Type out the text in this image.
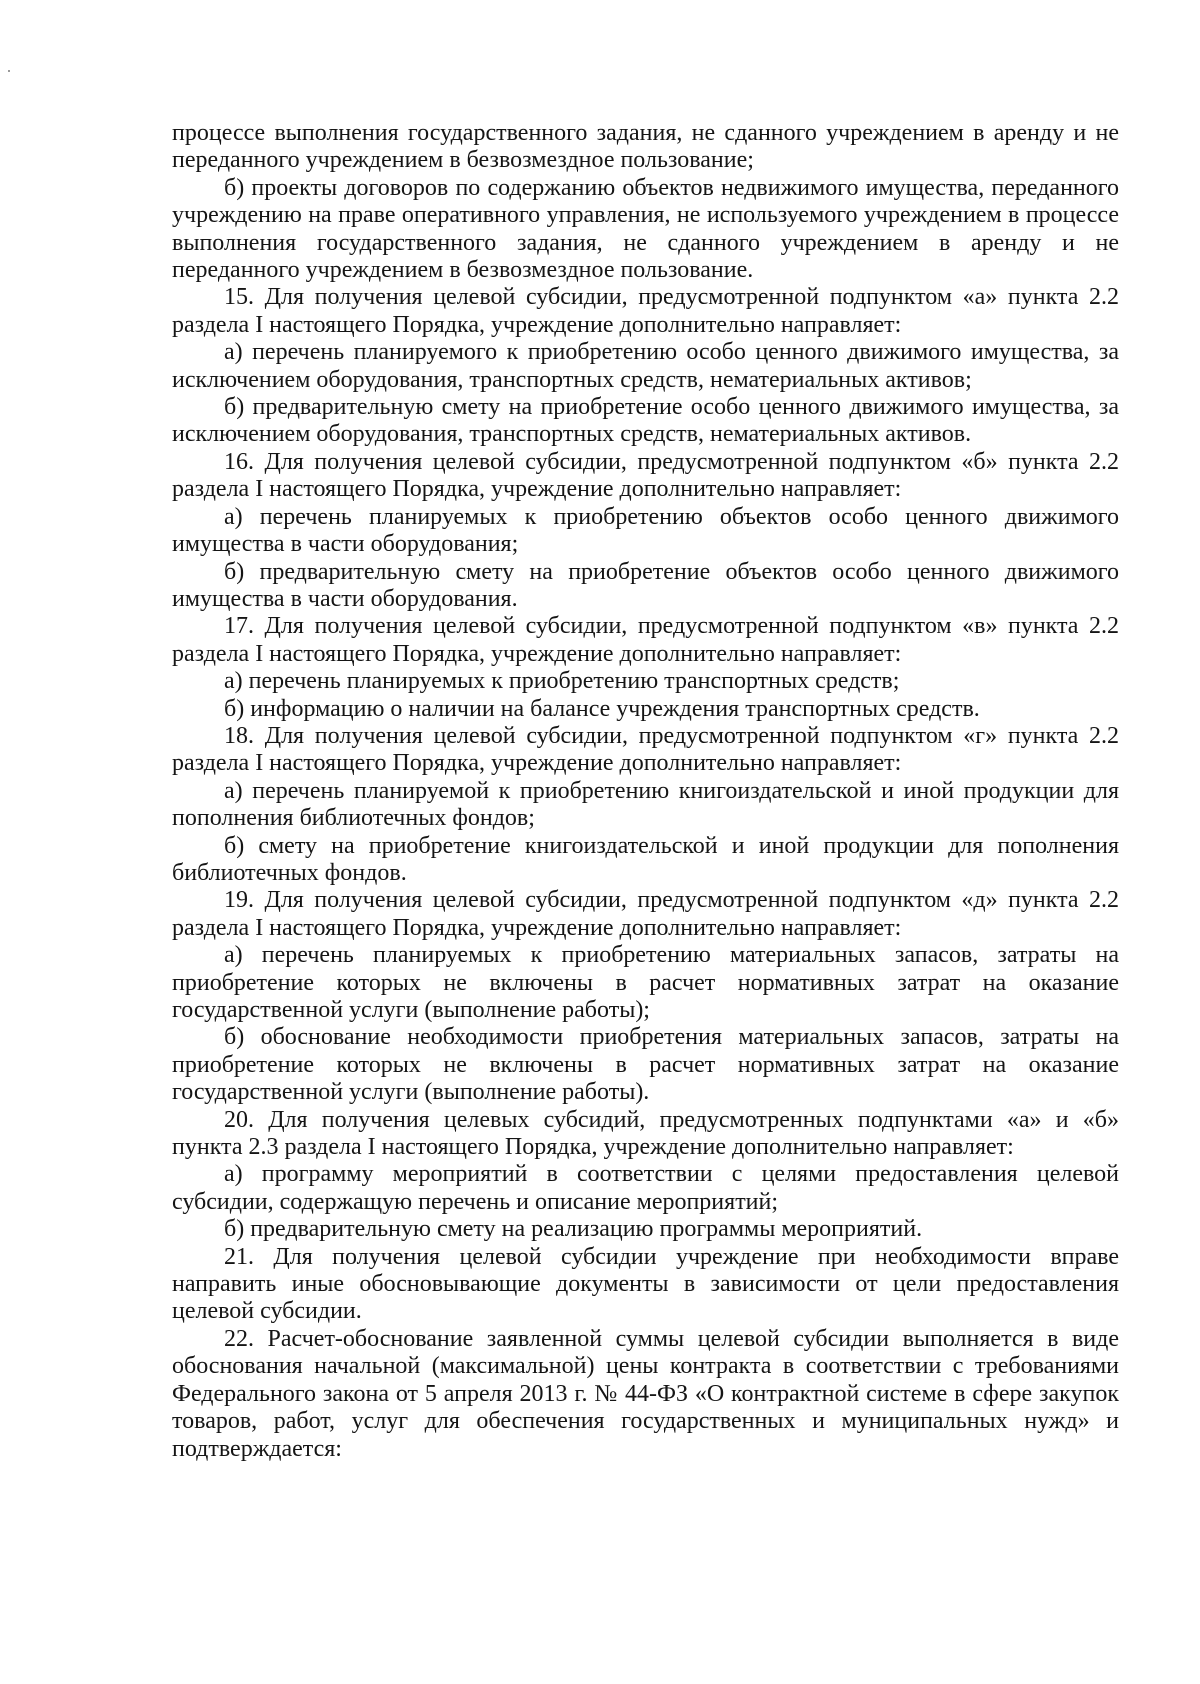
процессе выполнения государственного задания, не сданного учреждением в аренду и не переданного учреждением в безвозмездное пользование;

б) проекты договоров по содержанию объектов недвижимого имущества, переданного учреждению на праве оперативного управления, не используемого учреждением в процессе выполнения государственного задания, не сданного учреждением в аренду и не переданного учреждением в безвозмездное пользование.

15. Для получения целевой субсидии, предусмотренной подпунктом «а» пункта 2.2 раздела I настоящего Порядка, учреждение дополнительно направляет:

а) перечень планируемого к приобретению особо ценного движимого имущества, за исключением оборудования, транспортных средств, нематериальных активов;

б) предварительную смету на приобретение особо ценного движимого имущества, за исключением оборудования, транспортных средств, нематериальных активов.

16. Для получения целевой субсидии, предусмотренной подпунктом «б» пункта 2.2 раздела I настоящего Порядка, учреждение дополнительно направляет:

а) перечень планируемых к приобретению объектов особо ценного движимого имущества в части оборудования;

б) предварительную смету на приобретение объектов особо ценного движимого имущества в части оборудования.

17. Для получения целевой субсидии, предусмотренной подпунктом «в» пункта 2.2 раздела I настоящего Порядка, учреждение дополнительно направляет:

а) перечень планируемых к приобретению транспортных средств;

б) информацию о наличии на балансе учреждения транспортных средств.

18. Для получения целевой субсидии, предусмотренной подпунктом «г» пункта 2.2 раздела I настоящего Порядка, учреждение дополнительно направляет:

а) перечень планируемой к приобретению книгоиздательской и иной продукции для пополнения библиотечных фондов;

б) смету на приобретение книгоиздательской и иной продукции для пополнения библиотечных фондов.

19. Для получения целевой субсидии, предусмотренной подпунктом «д» пункта 2.2 раздела I настоящего Порядка, учреждение дополнительно направляет:

а) перечень планируемых к приобретению материальных запасов, затраты на приобретение которых не включены в расчет нормативных затрат на оказание государственной услуги (выполнение работы);

б) обоснование необходимости приобретения материальных запасов, затраты на приобретение которых не включены в расчет нормативных затрат на оказание государственной услуги (выполнение работы).

20. Для получения целевых субсидий, предусмотренных подпунктами «а» и «б» пункта 2.3 раздела I настоящего Порядка, учреждение дополнительно направляет:

а) программу мероприятий в соответствии с целями предоставления целевой субсидии, содержащую перечень и описание мероприятий;

б) предварительную смету на реализацию программы мероприятий.

21. Для получения целевой субсидии учреждение при необходимости вправе направить иные обосновывающие документы в зависимости от цели предоставления целевой субсидии.

22. Расчет-обоснование заявленной суммы целевой субсидии выполняется в виде обоснования начальной (максимальной) цены контракта в соответствии с требованиями Федерального закона от 5 апреля 2013 г. № 44-ФЗ «О контрактной системе в сфере закупок товаров, работ, услуг для обеспечения государственных и муниципальных нужд» и подтверждается:
